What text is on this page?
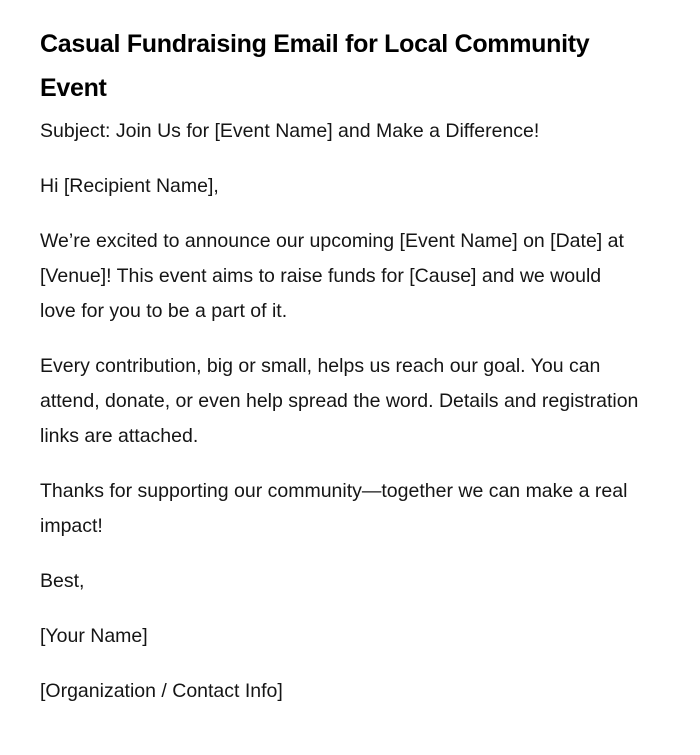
Casual Fundraising Email for Local Community Event

Subject: Join Us for [Event Name] and Make a Difference!

Hi [Recipient Name],

We’re excited to announce our upcoming [Event Name] on [Date] at [Venue]! This event aims to raise funds for [Cause] and we would love for you to be a part of it.

Every contribution, big or small, helps us reach our goal. You can attend, donate, or even help spread the word. Details and registration links are attached.

Thanks for supporting our community—together we can make a real impact!

Best,

[Your Name]

[Organization / Contact Info]
